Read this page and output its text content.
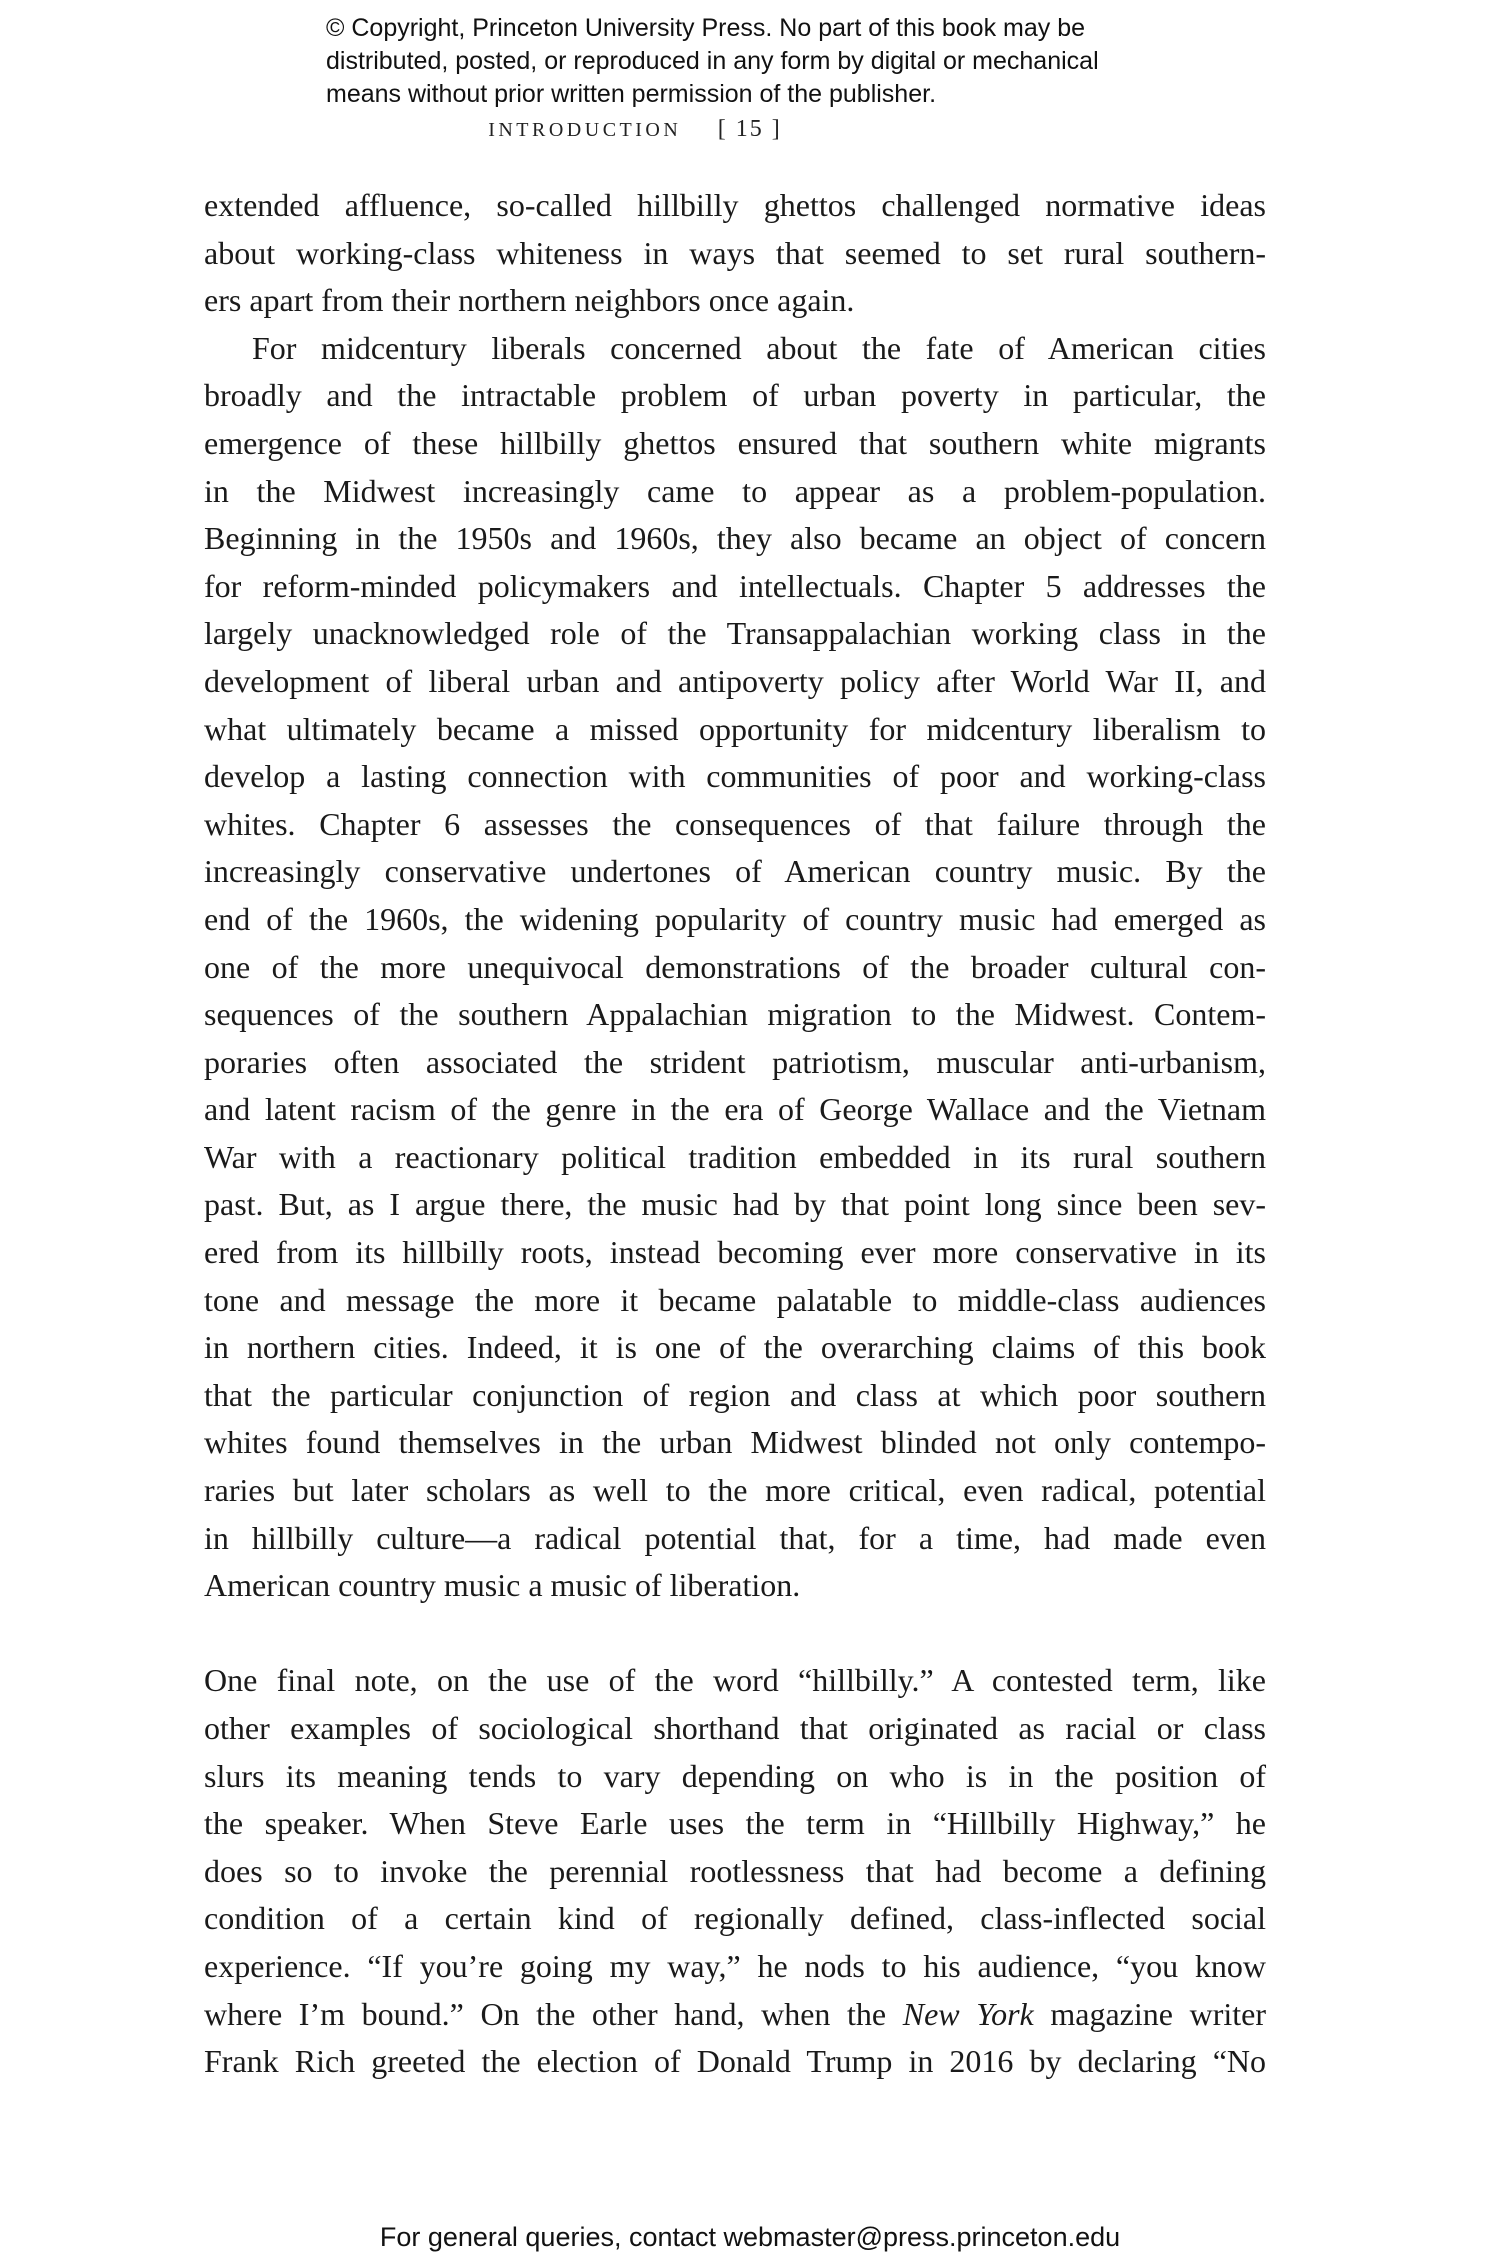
© Copyright, Princeton University Press. No part of this book may be
distributed, posted, or reproduced in any form by digital or mechanical
means without prior written permission of the publisher.
INTRODUCTION [ 15 ]
extended affluence, so-called hillbilly ghettos challenged normative ideas
about working-class whiteness in ways that seemed to set rural southern-
ers apart from their northern neighbors once again.
For midcentury liberals concerned about the fate of American cities
broadly and the intractable problem of urban poverty in particular, the
emergence of these hillbilly ghettos ensured that southern white migrants
in the Midwest increasingly came to appear as a problem-population.
Beginning in the 1950s and 1960s, they also became an object of concern
for reform-minded policymakers and intellectuals. Chapter 5 addresses the
largely unacknowledged role of the Transappalachian working class in the
development of liberal urban and antipoverty policy after World War II, and
what ultimately became a missed opportunity for midcentury liberalism to
develop a lasting connection with communities of poor and working-class
whites. Chapter 6 assesses the consequences of that failure through the
increasingly conservative undertones of American country music. By the
end of the 1960s, the widening popularity of country music had emerged as
one of the more unequivocal demonstrations of the broader cultural con-
sequences of the southern Appalachian migration to the Midwest. Contem-
poraries often associated the strident patriotism, muscular anti-urbanism,
and latent racism of the genre in the era of George Wallace and the Vietnam
War with a reactionary political tradition embedded in its rural southern
past. But, as I argue there, the music had by that point long since been sev-
ered from its hillbilly roots, instead becoming ever more conservative in its
tone and message the more it became palatable to middle-class audiences
in northern cities. Indeed, it is one of the overarching claims of this book
that the particular conjunction of region and class at which poor southern
whites found themselves in the urban Midwest blinded not only contempo-
raries but later scholars as well to the more critical, even radical, potential
in hillbilly culture—a radical potential that, for a time, had made even
American country music a music of liberation.
One final note, on the use of the word “hillbilly.” A contested term, like
other examples of sociological shorthand that originated as racial or class
slurs its meaning tends to vary depending on who is in the position of
the speaker. When Steve Earle uses the term in “Hillbilly Highway,” he
does so to invoke the perennial rootlessness that had become a defining
condition of a certain kind of regionally defined, class-inflected social
experience. “If you’re going my way,” he nods to his audience, “you know
where I’m bound.” On the other hand, when the New York magazine writer
Frank Rich greeted the election of Donald Trump in 2016 by declaring “No
For general queries, contact webmaster@press.princeton.edu
